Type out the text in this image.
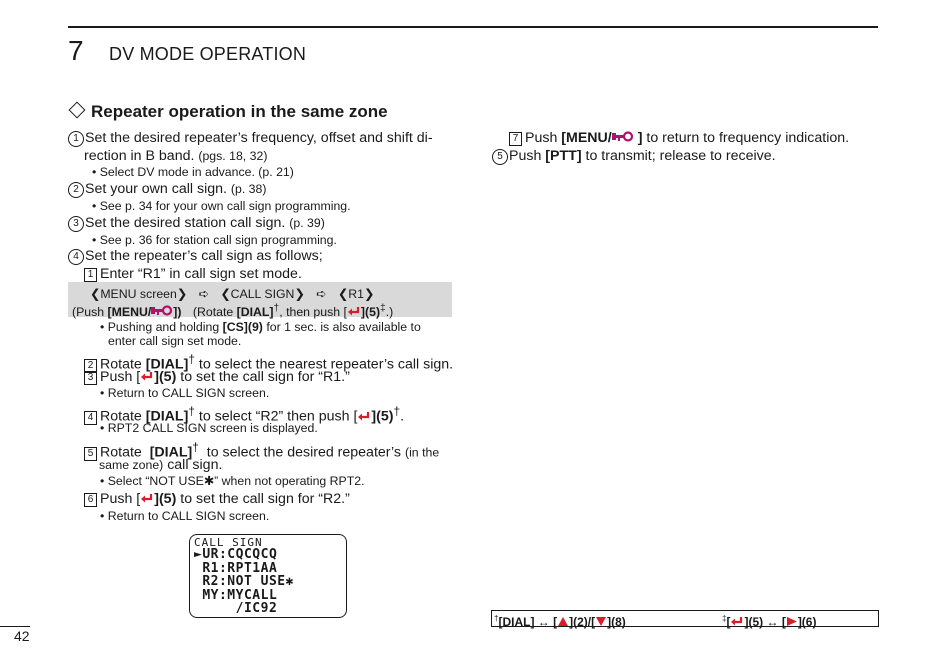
7 DV MODE OPERATION
Repeater operation in the same zone
1 Set the desired repeater’s frequency, offset and shift di-
rection in B band. (pgs. 18, 32)
• Select DV mode in advance. (p. 21)
2 Set your own call sign. (p. 38)
• See p. 34 for your own call sign programming.
3 Set the desired station call sign. (p. 39)
• See p. 36 for station call sign programming.
4 Set the repeater’s call sign as follows;
1 Enter “R1” in call sign set mode.
❮MENU screen❯ ➪ ❮CALL SIGN❯ ➪ ❮R1❯
(Push [MENU/ ]) (Rotate [DIAL]†, then push [ ](5)‡.)
• Pushing and holding [CS](9) for 1 sec. is also available to
enter call sign set mode.
2 Rotate [DIAL]† to select the nearest repeater’s call sign.
3 Push [ ](5) to set the call sign for “R1.”
• Return to CALL SIGN screen.
4 Rotate [DIAL]† to select “R2” then push [ ](5)†.
• RPT2 CALL SIGN screen is displayed.
5 Rotate [DIAL]† to select the desired repeater’s (in the
same zone) call sign.
• Select “NOT USE✱” when not operating RPT2.
6 Push [ ](5) to set the call sign for “R2.”
• Return to CALL SIGN screen.
CALL SIGN
►UR:CQCQCQ
R1:RPT1AA
R2:NOT USE✱
MY:MYCALL
/IC92
7 Push [MENU/ ] to return to frequency indication.
5 Push [PTT] to transmit; release to receive.
†[DIAL] ↔ [ ](2)/[ ](8)	‡[ ](5) ↔ [ ](6)
42
